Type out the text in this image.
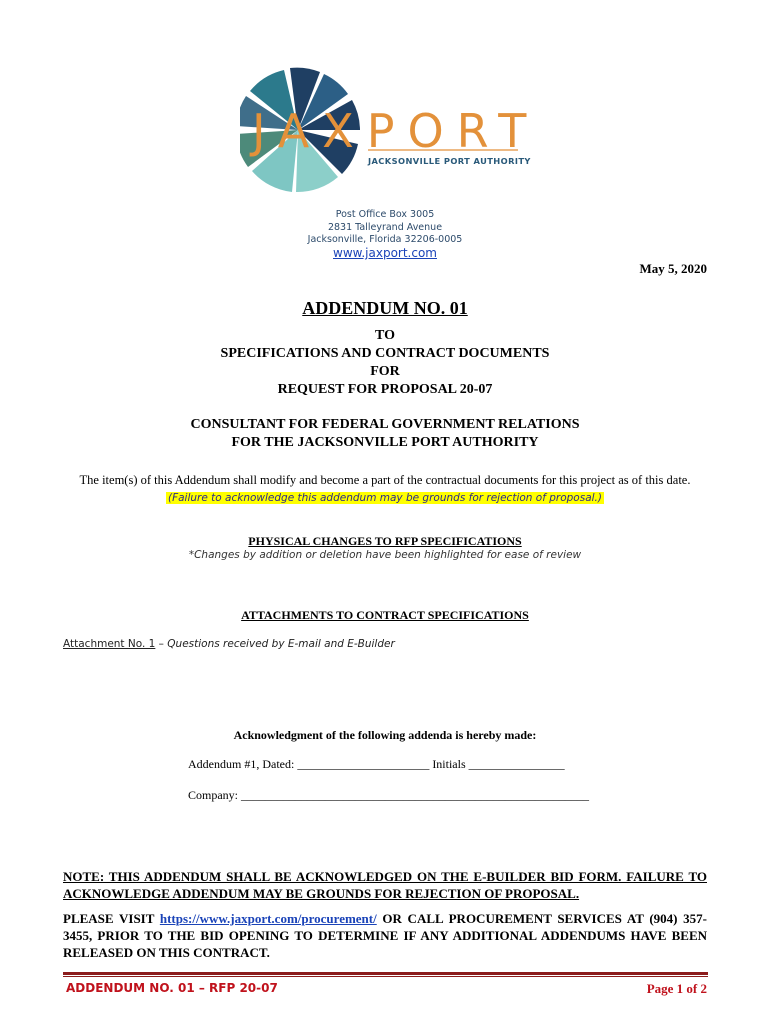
JAXPORT
JACKSONVILLE PORT AUTHORITY
Post Office Box 3005
2831 Talleyrand Avenue
Jacksonville, Florida 32206-0005
www.jaxport.com
May 5, 2020
ADDENDUM NO. 01
TO
SPECIFICATIONS AND CONTRACT DOCUMENTS
FOR
REQUEST FOR PROPOSAL 20-07
CONSULTANT FOR FEDERAL GOVERNMENT RELATIONS
FOR THE JACKSONVILLE PORT AUTHORITY
The item(s) of this Addendum shall modify and become a part of the contractual documents for this project as of this date.
(Failure to acknowledge this addendum may be grounds for rejection of proposal.)
PHYSICAL CHANGES TO RFP SPECIFICATIONS
*Changes by addition or deletion have been highlighted for ease of review
ATTACHMENTS TO CONTRACT SPECIFICATIONS
Attachment No. 1 – Questions received by E-mail and E-Builder
Acknowledgment of the following addenda is hereby made:
Addendum #1, Dated: ______________________ Initials ________________
Company: __________________________________________________________
NOTE: THIS ADDENDUM SHALL BE ACKNOWLEDGED ON THE E-BUILDER BID FORM. FAILURE TO ACKNOWLEDGE ADDENDUM MAY BE GROUNDS FOR REJECTION OF PROPOSAL.
PLEASE VISIT https://www.jaxport.com/procurement/ OR CALL PROCUREMENT SERVICES AT (904) 357-3455, PRIOR TO THE BID OPENING TO DETERMINE IF ANY ADDITIONAL ADDENDUMS HAVE BEEN RELEASED ON THIS CONTRACT.
ADDENDUM NO. 01 – RFP 20-07	Page 1 of 2
